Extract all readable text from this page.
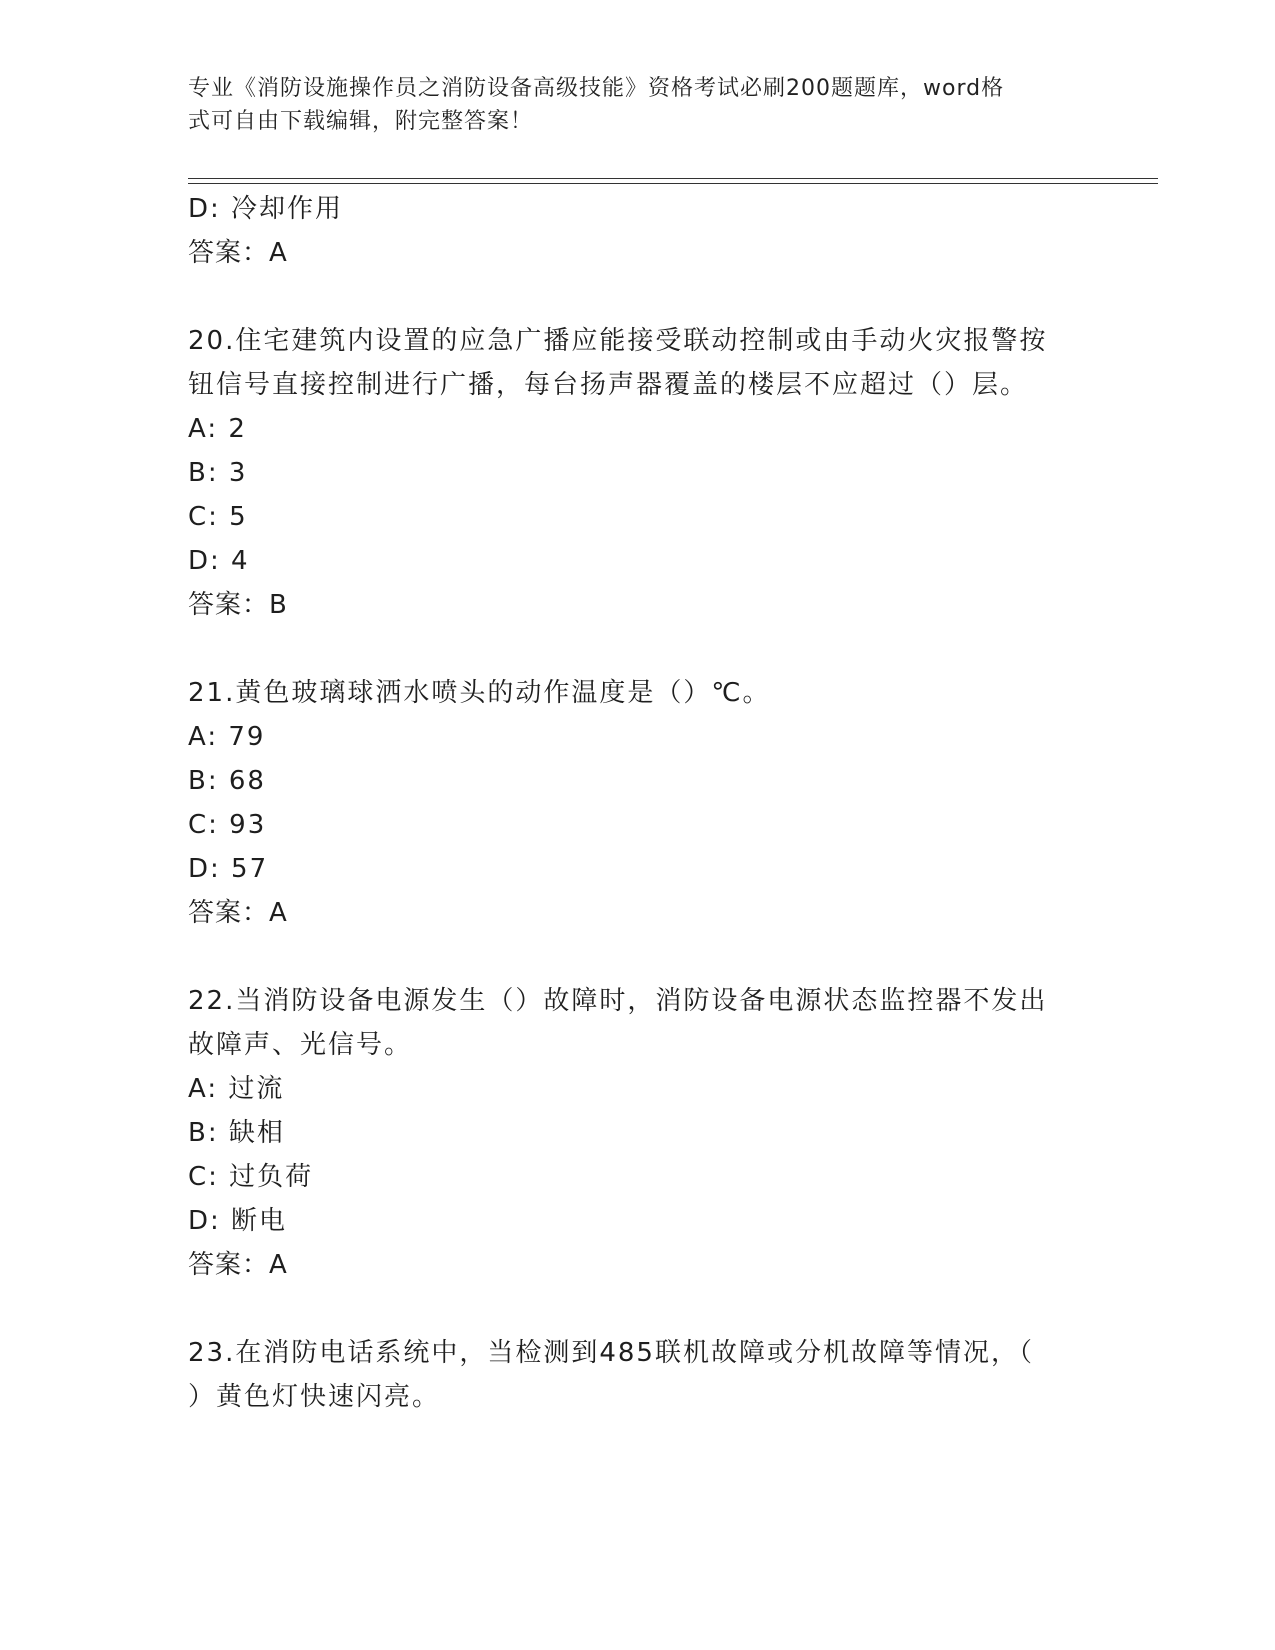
专业《消防设施操作员之消防设备高级技能》资格考试必刷200题题库，word格
式可自由下载编辑，附完整答案！
D: 冷却作用
答案：A
20.住宅建筑内设置的应急广播应能接受联动控制或由手动火灾报警按
钮信号直接控制进行广播，每台扬声器覆盖的楼层不应超过（）层。
A: 2
B: 3
C: 5
D: 4
答案：B
21.黄色玻璃球洒水喷头的动作温度是（）℃。
A: 79
B: 68
C: 93
D: 57
答案：A
22.当消防设备电源发生（）故障时，消防设备电源状态监控器不发出
故障声、光信号。
A: 过流
B: 缺相
C: 过负荷
D: 断电
答案：A
23.在消防电话系统中，当检测到485联机故障或分机故障等情况，（
）黄色灯快速闪亮。
